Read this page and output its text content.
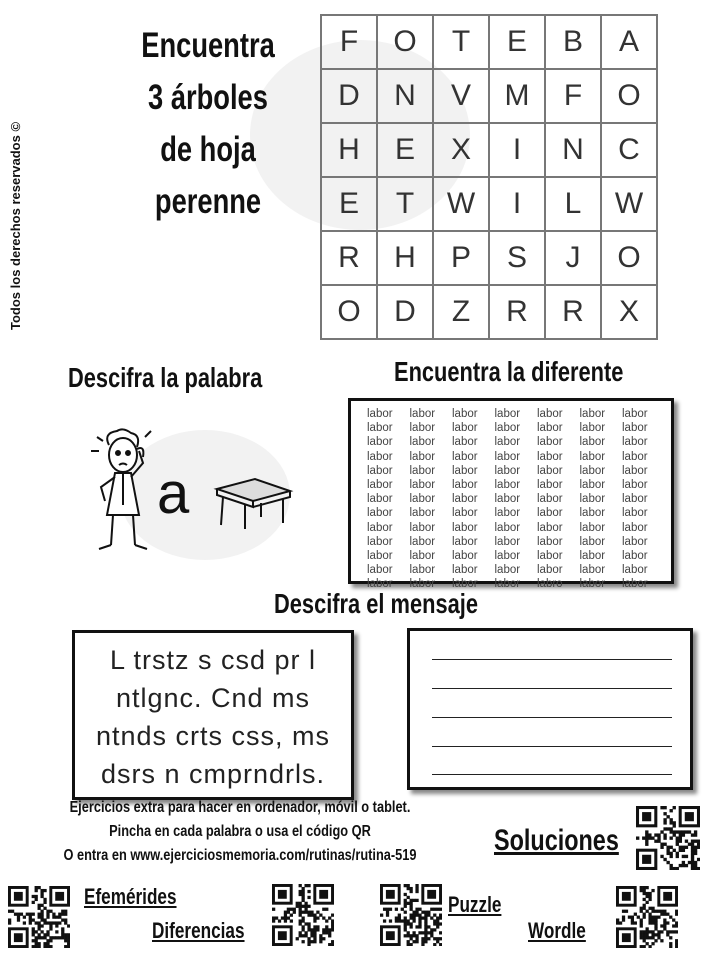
Todos los derechos reservados ©
Encuentra
3 árboles
de hoja
perenne
F	O	T	E	B	A
D	N	V	M	F	O
H	E	X	I	N	C
E	T	W	I	L	W
R	H	P	S	J	O
O	D	Z	R	R	X
Descifra la palabra
a
Encuentra la diferente
labor	labor	labor	labor	labor	labor	labor
labor	labor	labor	labor	labor	labor	labor
labor	labor	labor	labor	labor	labor	labor
labor	labor	labor	labor	labor	labor	labor
labor	labor	labor	labor	labor	labor	labor
labor	labor	labor	labor	labor	labor	labor
labor	labor	labor	labor	labor	labor	labor
labor	labor	labor	labor	labor	labor	labor
labor	labor	labor	labor	labor	labor	labor
labor	labor	labor	labor	labor	labor	labor
labor	labor	labor	labor	labor	labor	labor
labor	labor	labor	labor	labor	labor	labor
labor	labor	labor	labor	labro	labor	labor
Descifra el mensaje
L trstz s csd pr l
ntlgnc. Cnd ms
ntnds crts css, ms
dsrs n cmprndrls.
Ejercicios extra para hacer en ordenador, móvil o tablet.
Pincha en cada palabra o usa el código QR
O entra en www.ejerciciosmemoria.com/rutinas/rutina-519	Soluciones
Efemérides
Diferencias
Puzzle
Wordle
